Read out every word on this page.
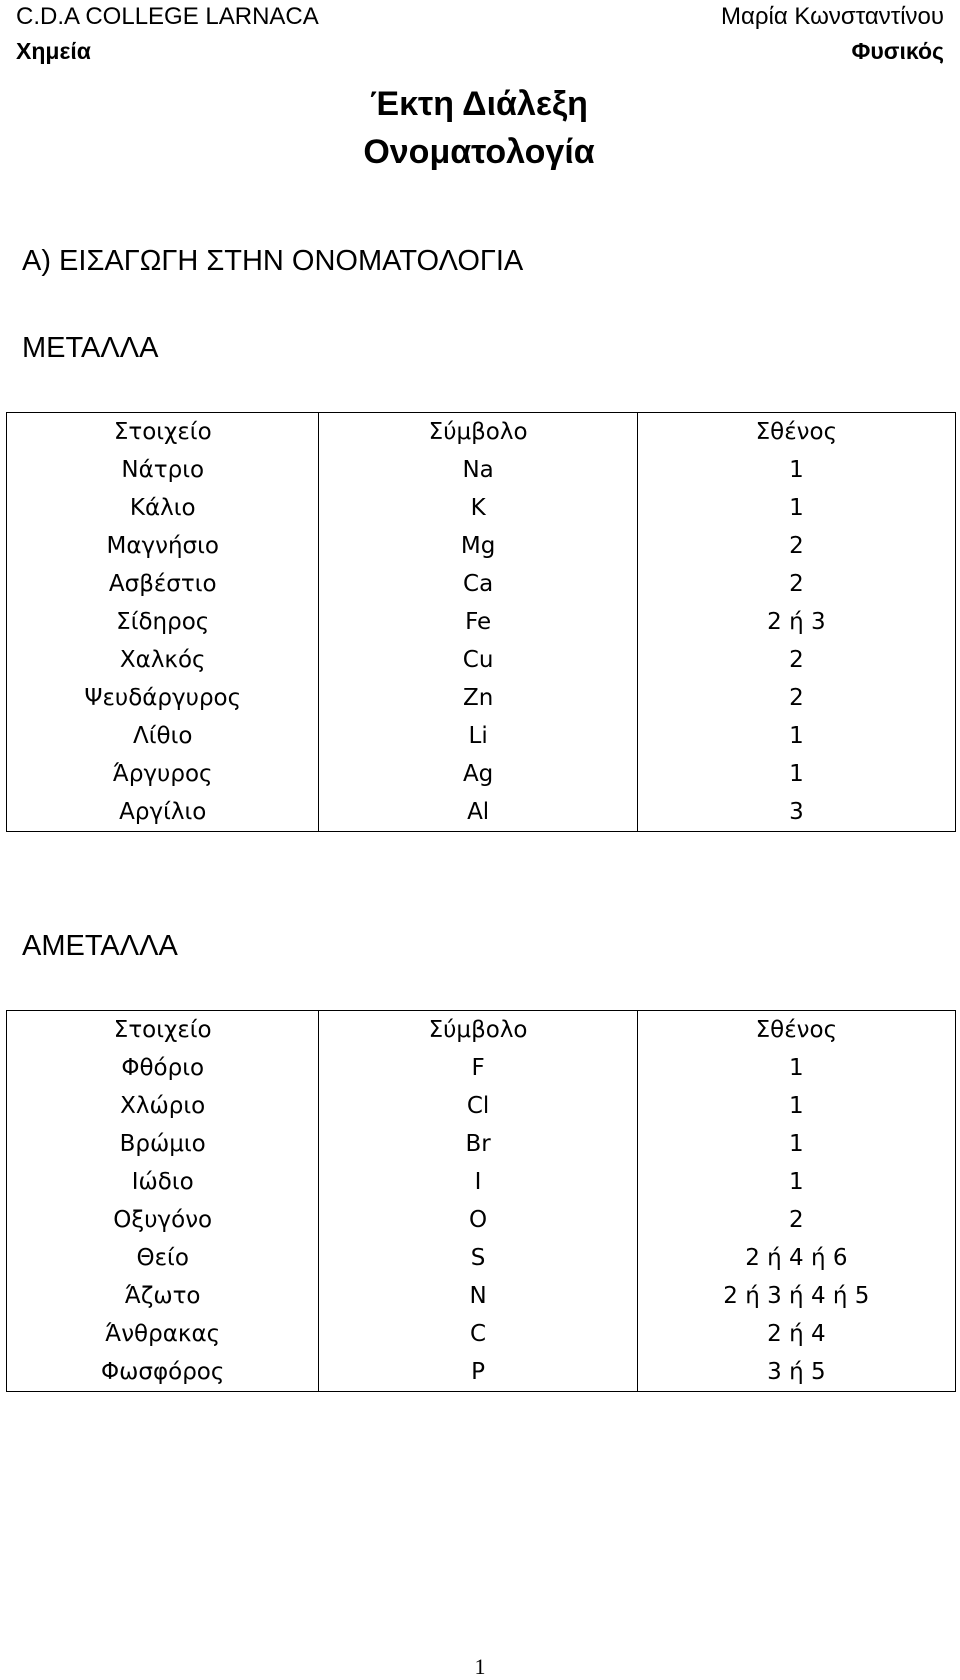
C.D.A COLLEGE LARNACA
Χημεία
Μαρία Κωνσταντίνου
Φυσικός
Έκτη Διάλεξη
Ονοματολογία
Α) ΕΙΣΑΓΩΓΗ ΣΤΗΝ ΟΝΟΜΑΤΟΛΟΓΙΑ
ΜΕΤΑΛΛΑ
Στοιχείο	Σύμβολο	Σθένος
Νάτριο	Na	1
Κάλιο	K	1
Μαγνήσιο	Mg	2
Ασβέστιο	Ca	2
Σίδηρος	Fe	2 ή 3
Χαλκός	Cu	2
Ψευδάργυρος	Zn	2
Λίθιο	Li	1
Άργυρος	Ag	1
Αργίλιο	Al	3
ΑΜΕΤΑΛΛΑ
Στοιχείο	Σύμβολο	Σθένος
Φθόριο	F	1
Χλώριο	Cl	1
Βρώμιο	Br	1
Ιώδιο	I	1
Οξυγόνο	O	2
Θείο	S	2 ή 4 ή 6
Άζωτο	N	2 ή 3 ή 4 ή 5
Άνθρακας	C	2 ή 4
Φωσφόρος	P	3 ή 5
1
